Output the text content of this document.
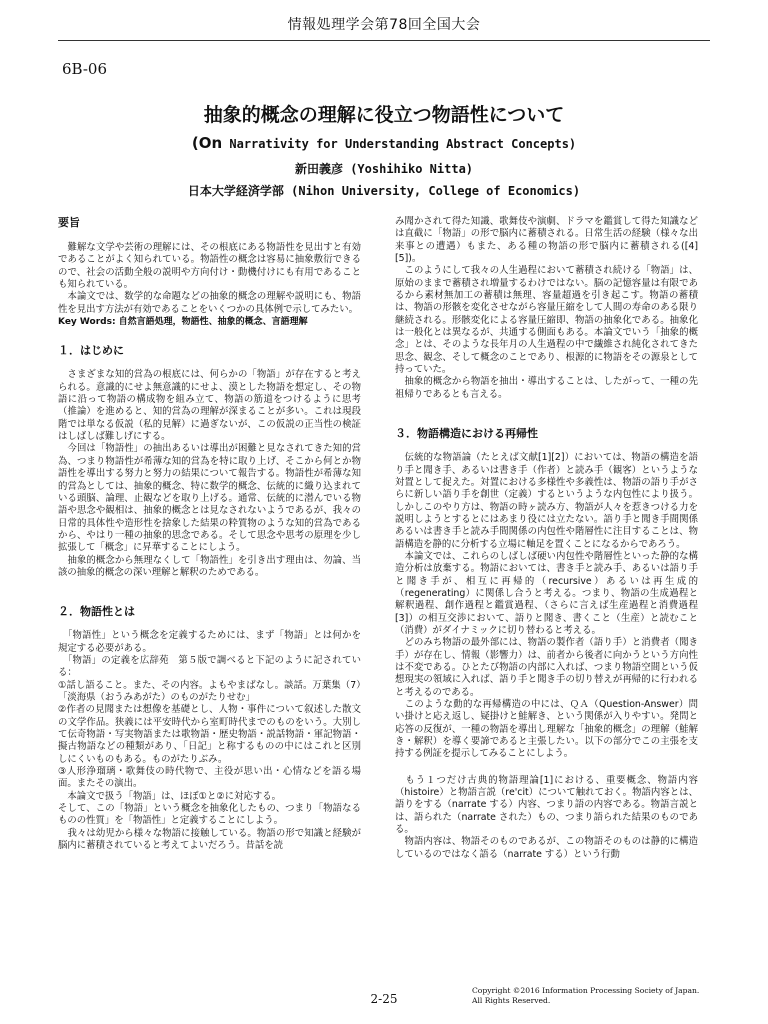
情報処理学会第78回全国大会
6B-06
抽象的概念の理解に役立つ物語性について
(On Narrativity for Understanding Abstract Concepts)
新田義彦 (Yoshihiko Nitta)
日本大学経済学部 (Nihon University, College of Economics)

要旨

　難解な文学や芸術の理解には、その根底にある物語性を見出すと有効であることがよく知られている。物語性の概念は容易に抽象敷衍できるので、社会の活動全般の説明や方向付け・動機付けにも有用であることも知られている。
　本論文では、数学的な命題などの抽象的概念の理解や説明にも、物語性を見出す方法が有効であることをいくつかの具体例で示してみたい。

Key Words: 自然言語処理，物語性、抽象的概念、言語理解

１．はじめに

　さまざまな知的営為の根底には、何らかの「物語」が存在すると考えられる。意識的にせよ無意識的にせよ、漠とした物語を想定し、その物語に沿って物語の構成物を組み立て、物語の筋道をつけるように思考（推論）を進めると、知的営為の理解が深まることが多い。これは現段階では単なる仮説（私的見解）に過ぎないが、この仮説の正当性の検証はしばしば難しげにする。
　今回は「物語性」の抽出あるいは導出が困難と見なされてきた知的営為、つまり物語性が希薄な知的営為を特に取り上げ、そこから何とか物語性を導出する努力と努力の結果について報告する。物語性が希薄な知的営為としては、抽象的概念、特に数学的概念、伝統的に織り込まれている頭脳、論理、止観などを取り上げる。通常、伝統的に潜んでいる物語や思念や観相は、抽象的概念とは見なされないようであるが、我々の日常的具体性や造形性を捨象した結果の粋質物のような知的営為であるから、やはり一種の抽象的思念である。そして思念や思考の原理を少し拡張して「概念」に昇華することにしよう。
　抽象的概念から無理なくして「物語性」を引き出す理由は、勿論、当該の抽象的概念の深い理解と解釈のためである。

２．物語性とは

　「物語性」という概念を定義するためには、まず「物語」とは何かを規定する必要がある。
　「物語」の定義を広辞苑　第５版で調べると下記のように記されている：
①話し語ること。また、その内容。よもやまばなし。談話。万葉集（7）「淡海県（おうみあがた）のものがたりせむ」
②作者の見聞または想像を基礎とし、人物・事件について叙述した散文の文学作品。狭義には平安時代から室町時代までのものをいう。大別して伝奇物語・写実物語または歌物語・歴史物語・説話物語・軍記物語・擬古物語などの種類があり、「日記」と称するものの中にはこれと区別しにくいものもある。ものがたりぶみ。
③人形浄瑠璃・歌舞伎の時代物で、主役が思い出・心情などを語る場面。またその演出。
　本論文で扱う「物語」は、ほぼ①と②に対応する。
そして、この「物語」という概念を抽象化したもの、つまり「物語なるものの性質」を「物語性」と定義することにしよう。
　我々は幼児から様々な物語に接触している。物語の形で知識と経験が脳内に蓄積されていると考えてよいだろう。昔話を読

み聞かされて得た知識、歌舞伎や演劇、ドラマを鑑賞して得た知識などは直截に「物語」の形で脳内に蓄積される。日常生活の経験（様々な出来事との遭遇）もまた、ある種の物語の形で脳内に蓄積される([4][5])。
　このようにして我々の人生過程において蓄積され続ける「物語」は、原始のままで蓄積され増量するわけではない。脳の記憶容量は有限であるから素材無加工の蓄積は無理、容量超過を引き起こす。物語の蓄積は、物語の形骸を変化させながら容量圧縮をして人間の寿命のある限り継続される。形骸変化による容量圧縮即、物語の抽象化である。抽象化は一般化とは異なるが、共通する側面もある。本論文でいう「抽象的概念」とは、そのような長年月の人生過程の中で繊維され純化されてきた思念、観念、そして概念のことであり、根源的に物語をその源泉として持っていた。
　抽象的概念から物語を抽出・導出することは、したがって、一種の先祖帰りであるとも言える。

３．物語構造における再帰性

　伝統的な物語論（たとえば文献[1][2]）においては、物語の構造を語り手と聞き手、あるいは書き手（作者）と読み手（観客）というような対置として捉えた。対置における多様性や多義性は、物語の語り手がさらに新しい語り手を創世（定義）するというような内包性により扱う。しかしこのやり方は、物語の時ヶ読み方、物語が人々を惹きつける力を説明しようとするとにはあまり役には立たない。語り手と聞き手間関係あるいは書き手と読み手間関係の内包性や階層性に注目することは、物語構造を静的に分析する立場に軸足を置くことになるからであろう。
　本論文では、これらのしばしば硬い内包性や階層性といった静的な構造分析は放棄する。物語においては、書き手と読み手、あるいは語り手と聞き手が、相互に再帰的（recursive）あるいは再生成的（regenerating）に関係し合うと考える。つまり、物語の生成過程と解釈過程、創作過程と鑑賞過程、（さらに言えば生産過程と消費過程[3]）の相互交渉において、語りと聞き、書くこと（生産）と読むこと（消費）がダイナミックに切り替わると考える。
　どのみち物語の最外部には、物語の製作者（語り手）と消費者（聞き手）が存在し、情報（影響力）は、前者から後者に向かうという方向性は不変である。ひとたび物語の内部に入れば、つまり物語空間という仮想現実の領域に入れば、語り手と聞き手の切り替えが再帰的に行われると考えるのである。
　このような動的な再帰構造の中には、ＱＡ（Question-Answer）問い掛けと応え返し、疑掛けと鮭解き、という関係が入りやすい。発問と応答の反復が、一種の物語を導出し理解な「抽象的概念」の理解（鮭解き・解釈）を導く要諦であると主張したい。以下の部分でこの主張を支持する例証を提示してみることにしよう。

　もう１つだけ古典的物語理論[1]における、重要概念、物語内容（histoire）と物語言説（re'cit）について触れておく。物語内容とは、語りをする（narrate する）内容、つまり語の内容である。物語言説とは、語られた（narrate された）もの、つまり語られた結果のものである。
　物語内容は、物語そのものであるが、この物語そのものは静的に構造しているのではなく語る（narrate する）という行動

2-25
Copyright ©2016 Information Processing Society of Japan.
All Rights Reserved.
